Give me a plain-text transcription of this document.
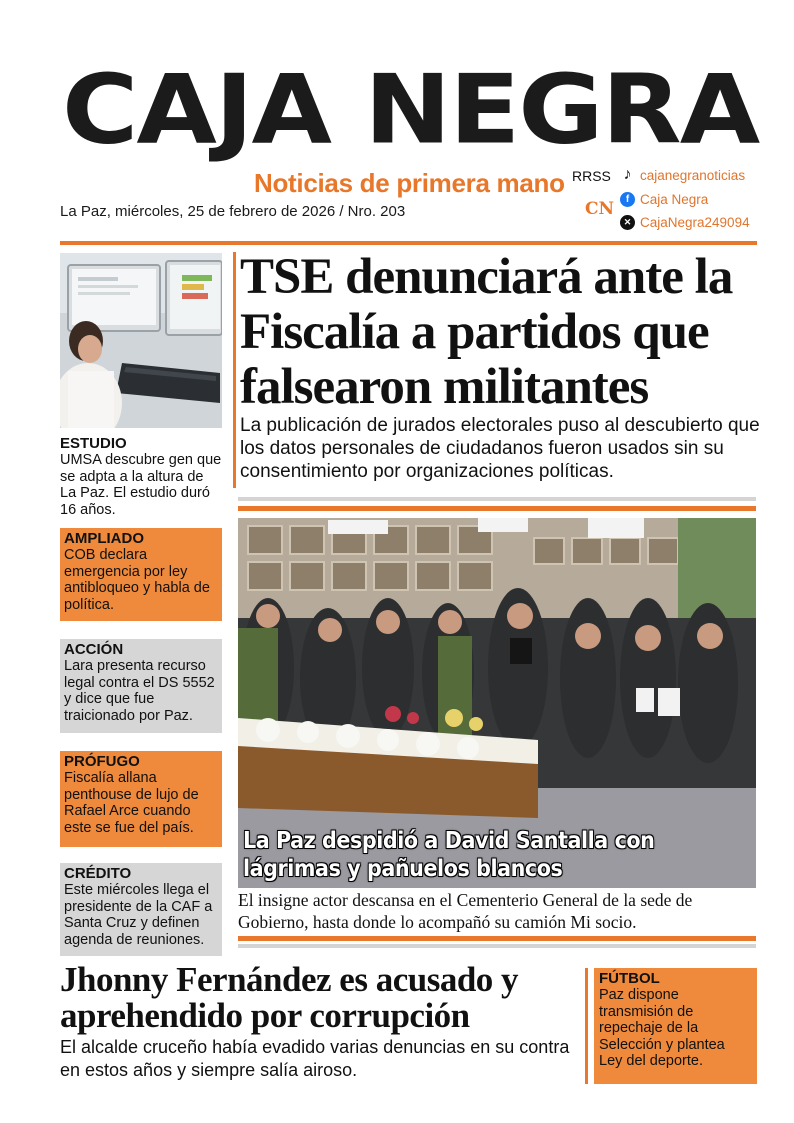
CAJA NEGRA
Noticias de primera mano
La Paz, miércoles, 25 de febrero de 2026 / Nro. 203
RRSS
CN
♪ cajanegranoticias
f Caja Negra
✕ CajaNegra249094
ESTUDIO
UMSA descubre gen que se adpta a la altura de La Paz. El estudio duró 16 años.
AMPLIADO
COB declara emergencia por ley antibloqueo y habla de política.
ACCIÓN
Lara presenta recurso legal contra el DS 5552 y dice que fue traicionado por Paz.
PRÓFUGO
Fiscalía allana penthouse de lujo de Rafael Arce cuando este se fue del país.
CRÉDITO
Este miércoles llega el presidente de la CAF a Santa Cruz y definen agenda de reuniones.
TSE denunciará ante la Fiscalía a partidos que falsearon militantes

La publicación de jurados electorales puso al descubierto que los datos personales de ciudadanos fueron usados sin su consentimiento por organizaciones políticas.

La Paz despidió a David Santalla con lágrimas y pañuelos blancos

El insigne actor descansa en el Cementerio General de la sede de Gobierno, hasta donde lo acompañó su camión Mi socio.

Jhonny Fernández es acusado y aprehendido por corrupción

El alcalde cruceño había evadido varias denuncias en su contra en estos años y siempre salía airoso.

FÚTBOL
Paz dispone transmisión de repechaje de la Selección y plantea Ley del deporte.
